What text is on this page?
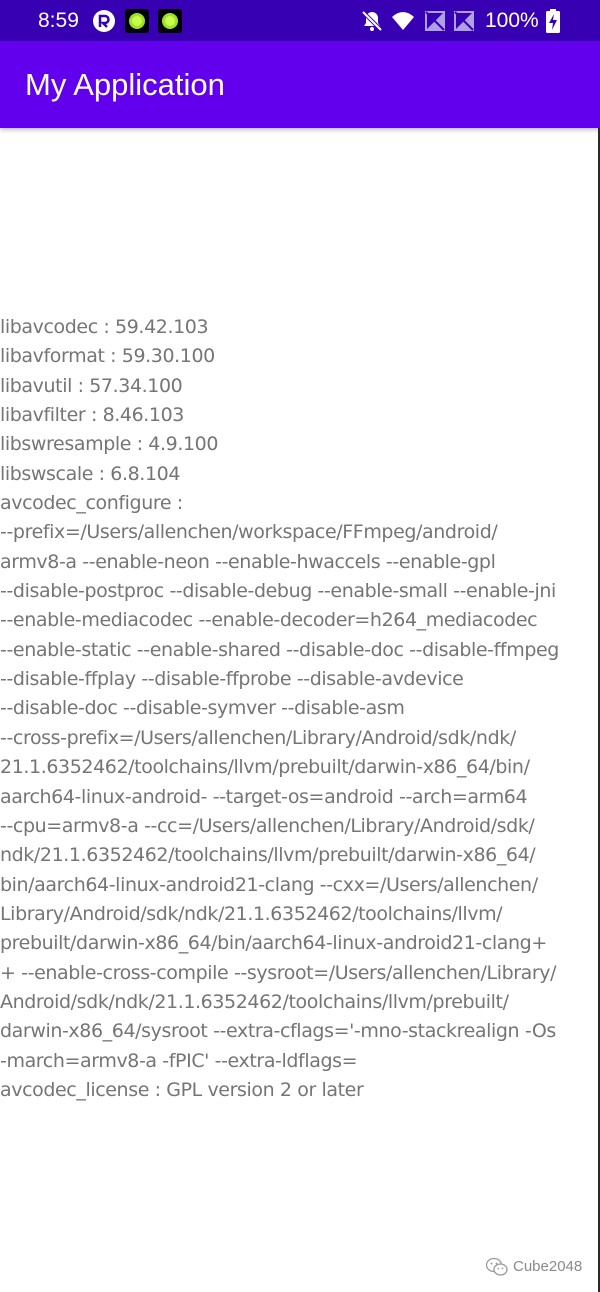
8:59	100%
My Application
libavcodec : 59.42.103
libavformat : 59.30.100
libavutil : 57.34.100
libavfilter : 8.46.103
libswresample : 4.9.100
libswscale : 6.8.104
avcodec_configure :
--prefix=/Users/allenchen/workspace/FFmpeg/android/
armv8-a --enable-neon --enable-hwaccels --enable-gpl
--disable-postproc --disable-debug --enable-small --enable-jni
--enable-mediacodec --enable-decoder=h264_mediacodec
--enable-static --enable-shared --disable-doc --disable-ffmpeg
--disable-ffplay --disable-ffprobe --disable-avdevice
--disable-doc --disable-symver --disable-asm
--cross-prefix=/Users/allenchen/Library/Android/sdk/ndk/
21.1.6352462/toolchains/llvm/prebuilt/darwin-x86_64/bin/
aarch64-linux-android- --target-os=android --arch=arm64
--cpu=armv8-a --cc=/Users/allenchen/Library/Android/sdk/
ndk/21.1.6352462/toolchains/llvm/prebuilt/darwin-x86_64/
bin/aarch64-linux-android21-clang --cxx=/Users/allenchen/
Library/Android/sdk/ndk/21.1.6352462/toolchains/llvm/
prebuilt/darwin-x86_64/bin/aarch64-linux-android21-clang+
+ --enable-cross-compile --sysroot=/Users/allenchen/Library/
Android/sdk/ndk/21.1.6352462/toolchains/llvm/prebuilt/
darwin-x86_64/sysroot --extra-cflags='-mno-stackrealign -Os
-march=armv8-a -fPIC' --extra-ldflags=
avcodec_license : GPL version 2 or later
Cube2048
